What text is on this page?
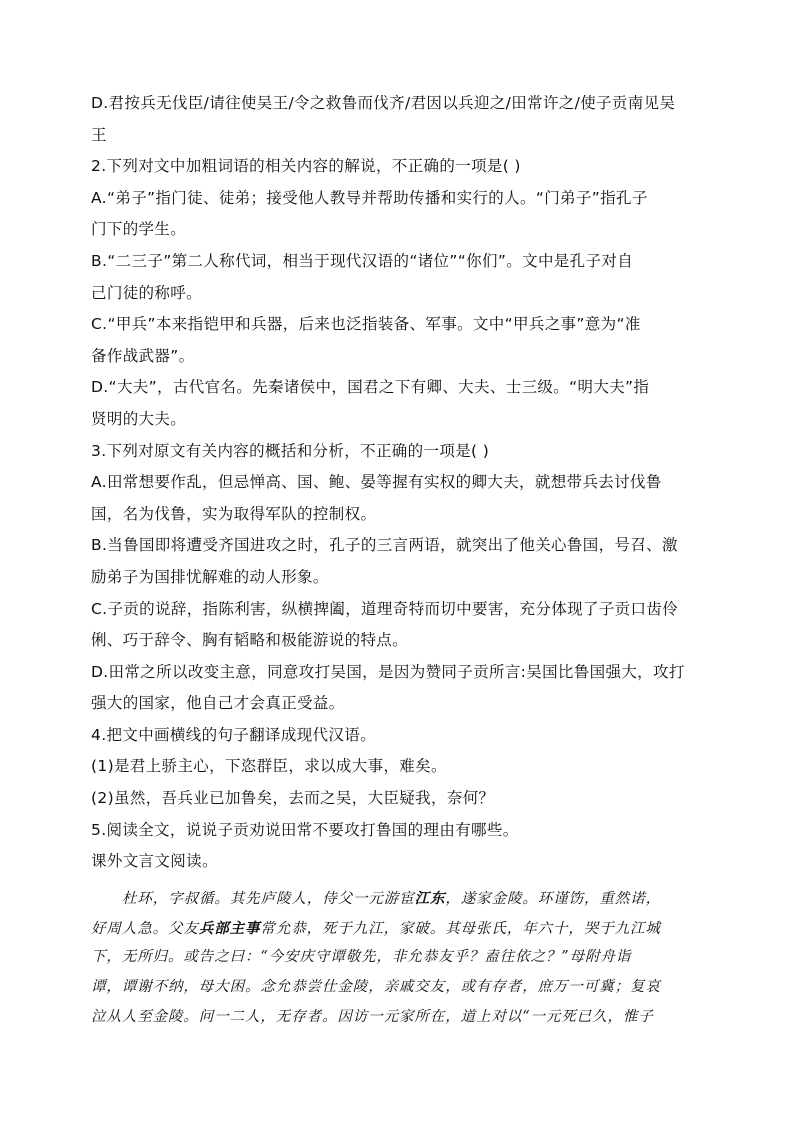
D.君按兵无伐臣/请往使吴王/令之救鲁而伐齐/君因以兵迎之/田常许之/使子贡南见吴
王
2.下列对文中加粗词语的相关内容的解说，不正确的一项是( )
A.“弟子”指门徒、徒弟；接受他人教导并帮助传播和实行的人。“门弟子”指孔子
门下的学生。
B.“二三子”第二人称代词，相当于现代汉语的“诸位”“你们”。文中是孔子对自
己门徒的称呼。
C.“甲兵”本来指铠甲和兵器，后来也泛指装备、军事。文中“甲兵之事”意为“准
备作战武器”。
D.“大夫”，古代官名。先秦诸侯中，国君之下有卿、大夫、士三级。“明大夫”指
贤明的大夫。
3.下列对原文有关内容的概括和分析，不正确的一项是( )
A.田常想要作乱，但忌惮高、国、鲍、晏等握有实权的卿大夫，就想带兵去讨伐鲁
国，名为伐鲁，实为取得军队的控制权。
B.当鲁国即将遭受齐国进攻之时，孔子的三言两语，就突出了他关心鲁国，号召、激
励弟子为国排忧解难的动人形象。
C.子贡的说辞，指陈利害，纵横捭阖，道理奇特而切中要害，充分体现了子贡口齿伶
俐、巧于辞令、胸有韬略和极能游说的特点。
D.田常之所以改变主意，同意攻打吴国，是因为赞同子贡所言:吴国比鲁国强大，攻打
强大的国家，他自己才会真正受益。
4.把文中画横线的句子翻译成现代汉语。
(1)是君上骄主心，下恣群臣，求以成大事，难矣。
(2)虽然，吾兵业已加鲁矣，去而之吴，大臣疑我，奈何？
5.阅读全文，说说子贡劝说田常不要攻打鲁国的理由有哪些。
课外文言文阅读。
杜环，字叔循。其先庐陵人，侍父一元游宦江东，遂家金陵。环谨饬，重然诺，
好周人急。父友兵部主事常允恭，死于九江，家破。其母张氏，年六十，哭于九江城
下，无所归。或告之曰：“今安庆守谭敬先，非允恭友乎？盍往依之？”母附舟诣
谭，谭谢不纳，母大困。念允恭尝仕金陵，亲戚交友，或有存者，庶万一可冀；复哀
泣从人至金陵。问一二人，无存者。因访一元家所在，道上对以“一元死已久，惟子
